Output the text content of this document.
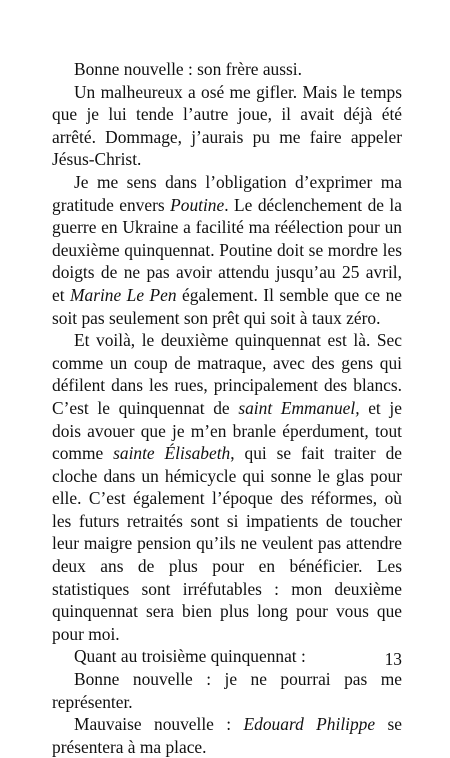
Bonne nouvelle : son frère aussi.

Un malheureux a osé me gifler. Mais le temps que je lui tende l’autre joue, il avait déjà été arrêté. Dommage, j’aurais pu me faire appeler Jésus-Christ.

Je me sens dans l’obligation d’exprimer ma gratitude envers Poutine. Le déclenchement de la guerre en Ukraine a facilité ma réélection pour un deuxième quinquennat. Poutine doit se mordre les doigts de ne pas avoir attendu jusqu’au 25 avril, et Marine Le Pen également. Il semble que ce ne soit pas seulement son prêt qui soit à taux zéro.

Et voilà, le deuxième quinquennat est là. Sec comme un coup de matraque, avec des gens qui défilent dans les rues, principalement des blancs. C’est le quinquennat de saint Emmanuel, et je dois avouer que je m’en branle éperdument, tout comme sainte Élisabeth, qui se fait traiter de cloche dans un hémicycle qui sonne le glas pour elle. C’est également l’époque des réformes, où les futurs retraités sont si impatients de toucher leur maigre pension qu’ils ne veulent pas attendre deux ans de plus pour en bénéficier. Les statistiques sont irréfutables : mon deuxième quinquennat sera bien plus long pour vous que pour moi.

Quant au troisième quinquennat :

Bonne nouvelle : je ne pourrai pas me représenter.

Mauvaise nouvelle : Edouard Philippe se présentera à ma place.

13
